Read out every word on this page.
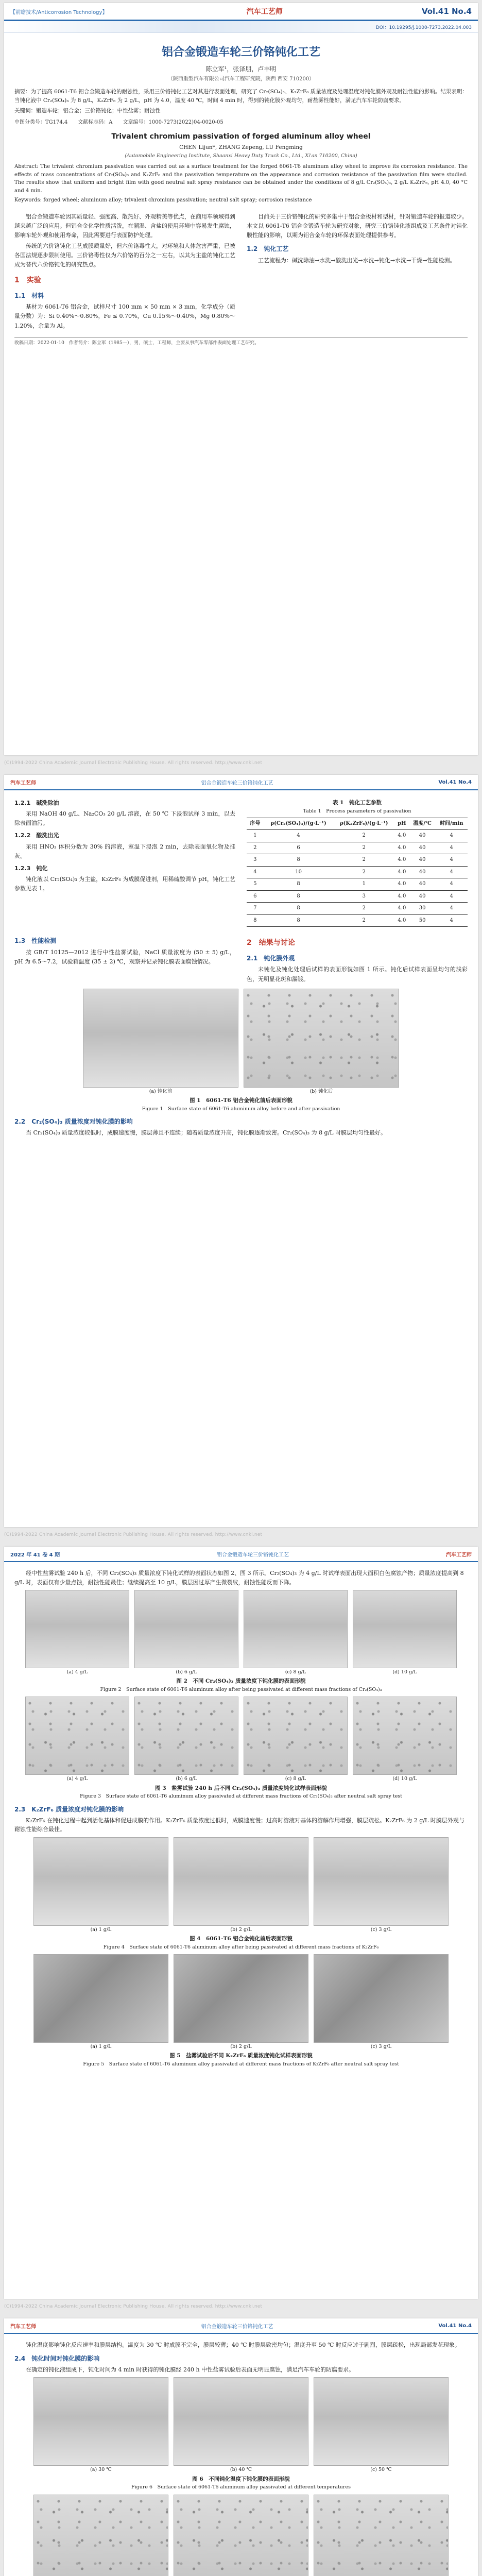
【前瞻技术/Anticorrosion Technology】	汽车工艺师	Vol.41 No.4
DOI：10.19295/j.1000-7273.2022.04.003
铝合金锻造车轮三价铬钝化工艺
陈立军¹，张泽朋，卢丰明
（陕西重型汽车有限公司汽车工程研究院，陕西 西安 710200）
摘要：为了提高 6061-T6 铝合金锻造车轮的耐蚀性，采用三价铬钝化工艺对其进行表面处理，研究了 Cr₂(SO₄)₃、K₂ZrF₆ 质量浓度及处理温度对钝化膜外观及耐蚀性能的影响。结果表明：当钝化液中 Cr₂(SO₄)₃ 为 8 g/L，K₂ZrF₆ 为 2 g/L，pH 为 4.0，温度 40 ℃，时间 4 min 时，得到的钝化膜外观均匀，耐盐雾性能好，满足汽车车轮防腐要求。
关键词：锻造车轮；铝合金；三价铬钝化；中性盐雾；耐蚀性
中图分类号：TG174.4　　文献标志码：A　　文章编号：1000-7273(2022)04-0020-05
Trivalent chromium passivation of forged aluminum alloy wheel
CHEN Lijun*, ZHANG Zepeng, LU Fengming
(Automobile Engineering Institute, Shaanxi Heavy Duty Truck Co., Ltd., Xi'an 710200, China)
Abstract: The trivalent chromium passivation was carried out as a surface treatment for the forged 6061-T6 aluminum alloy wheel to improve its corrosion resistance. The effects of mass concentrations of Cr₂(SO₄)₃ and K₂ZrF₆ and the passivation temperature on the appearance and corrosion resistance of the passivation film were studied. The results show that uniform and bright film with good neutral salt spray resistance can be obtained under the conditions of 8 g/L Cr₂(SO₄)₃, 2 g/L K₂ZrF₆, pH 4.0, 40 °C and 4 min.
Keywords: forged wheel; aluminum alloy; trivalent chromium passivation; neutral salt spray; corrosion resistance

铝合金锻造车轮因其质量轻、强度高、散热好、外观精美等优点，在商用车领域得到越来越广泛的应用。但铝合金化学性质活泼，在潮湿、含盐的使用环境中容易发生腐蚀，影响车轮外观和使用寿命，因此需要进行表面防护处理。

传统的六价铬钝化工艺成膜质量好，但六价铬毒性大，对环境和人体危害严重，已被各国法规逐步限制使用。三价铬毒性仅为六价铬的百分之一左右，以其为主盐的钝化工艺成为替代六价铬钝化的研究热点。

1　实验
1.1　材料

基材为 6061-T6 铝合金，试样尺寸 100 mm × 50 mm × 3 mm，化学成分（质量分数）为：Si 0.40%～0.80%，Fe ≤ 0.70%，Cu 0.15%～0.40%，Mg 0.80%～1.20%，余量为 Al。

目前关于三价铬钝化的研究多集中于铝合金板材和型材，针对锻造车轮的报道较少。本文以 6061-T6 铝合金锻造车轮为研究对象，研究三价铬钝化液组成及工艺条件对钝化膜性能的影响，以期为铝合金车轮的环保表面处理提供参考。

1.2　钝化工艺

工艺流程为：碱洗除油→水洗→酸洗出光→水洗→钝化→水洗→干燥→性能检测。

收稿日期：2022-01-10　作者简介：陈立军（1985—），男，硕士，工程师，主要从事汽车零部件表面处理工艺研究。
(C)1994-2022 China Academic Journal Electronic Publishing House. All rights reserved. http://www.cnki.net
汽车工艺师	铝合金锻造车轮三价铬钝化工艺	Vol.41 No.4
1.2.1　碱洗除油

采用 NaOH 40 g/L、Na₂CO₃ 20 g/L 溶液，在 50 ℃ 下浸泡试样 3 min，以去除表面油污。

1.2.2　酸洗出光

采用 HNO₃ 体积分数为 30% 的溶液，室温下浸泡 2 min，去除表面氧化物及挂灰。

1.2.3　钝化

钝化液以 Cr₂(SO₄)₃ 为主盐，K₂ZrF₆ 为成膜促进剂，用稀硫酸调节 pH，钝化工艺参数见表 1。

表 1　钝化工艺参数
Table 1　Process parameters of passivation
序号	ρ(Cr₂(SO₄)₃)/(g·L⁻¹)	ρ(K₂ZrF₆)/(g·L⁻¹)	pH	温度/℃	时间/min
1	4	2	4.0	40	4
2	6	2	4.0	40	4
3	8	2	4.0	40	4
4	10	2	4.0	40	4
5	8	1	4.0	40	4
6	8	3	4.0	40	4
7	8	2	4.0	30	4
8	8	2	4.0	50	4
1.3　性能检测

按 GB/T 10125—2012 进行中性盐雾试验，NaCl 质量浓度为 (50 ± 5) g/L，pH 为 6.5～7.2，试验箱温度 (35 ± 2) ℃，观察并记录钝化膜表面腐蚀情况。

2　结果与讨论
2.1　钝化膜外观

未钝化及钝化处理后试样的表面形貌如图 1 所示。钝化后试样表面呈均匀的浅彩色，无明显花斑和漏镀。

(a) 钝化前	(b) 钝化后
图 1　6061-T6 铝合金钝化前后表面形貌
Figure 1　Surface state of 6061-T6 aluminum alloy before and after passivation
2.2　Cr₂(SO₄)₃ 质量浓度对钝化膜的影响

当 Cr₂(SO₄)₃ 质量浓度较低时，成膜速度慢，膜层薄且不连续；随着质量浓度升高，钝化膜逐渐致密。Cr₂(SO₄)₃ 为 8 g/L 时膜层均匀性最好。

(C)1994-2022 China Academic Journal Electronic Publishing House. All rights reserved. http://www.cnki.net
2022 年 41 卷 4 期	铝合金锻造车轮三价铬钝化工艺	汽车工艺师

经中性盐雾试验 240 h 后，不同 Cr₂(SO₄)₃ 质量浓度下钝化试样的表面状态如图 2、图 3 所示。Cr₂(SO₄)₃ 为 4 g/L 时试样表面出现大面积白色腐蚀产物；质量浓度提高到 8 g/L 时，表面仅有少量点蚀，耐蚀性能最佳；继续提高至 10 g/L，膜层因过厚产生微裂纹，耐蚀性能反而下降。

(a) 4 g/L	(b) 6 g/L	(c) 8 g/L	(d) 10 g/L
图 2　不同 Cr₂(SO₄)₃ 质量浓度下钝化膜的表面形貌
Figure 2　Surface state of 6061-T6 aluminum alloy after being passivated at different mass fractions of Cr₂(SO₄)₃
(a) 4 g/L	(b) 6 g/L	(c) 8 g/L	(d) 10 g/L
图 3　盐雾试验 240 h 后不同 Cr₂(SO₄)₃ 质量浓度钝化试样表面形貌
Figure 3　Surface state of 6061-T6 aluminum alloy passivated at different mass fractions of Cr₂(SO₄)₃ after neutral salt spray test
2.3　K₂ZrF₆ 质量浓度对钝化膜的影响

K₂ZrF₆ 在钝化过程中起到活化基体和促进成膜的作用。K₂ZrF₆ 质量浓度过低时，成膜速度慢；过高时溶液对基体的溶解作用增强，膜层疏松。K₂ZrF₆ 为 2 g/L 时膜层外观与耐蚀性能综合最佳。

(a) 1 g/L	(b) 2 g/L	(c) 3 g/L
图 4　6061-T6 铝合金钝化前后表面形貌
Figure 4　Surface state of 6061-T6 aluminum alloy after being passivated at different mass fractions of K₂ZrF₆
(a) 1 g/L	(b) 2 g/L	(c) 3 g/L
图 5　盐雾试验后不同 K₂ZrF₆ 质量浓度钝化试样表面形貌
Figure 5　Surface state of 6061-T6 aluminum alloy passivated at different mass fractions of K₂ZrF₆ after neutral salt spray test
(C)1994-2022 China Academic Journal Electronic Publishing House. All rights reserved. http://www.cnki.net
汽车工艺师	铝合金锻造车轮三价铬钝化工艺	Vol.41 No.4

钝化温度影响钝化反应速率和膜层结构。温度为 30 ℃ 时成膜不完全，膜层较薄；40 ℃ 时膜层致密均匀；温度升至 50 ℃ 时反应过于剧烈，膜层疏松，出现局部发花现象。

2.4　钝化时间对钝化膜的影响

在确定的钝化液组成下，钝化时间为 4 min 时获得的钝化膜经 240 h 中性盐雾试验后表面无明显腐蚀，满足汽车车轮的防腐要求。

(a) 30 ℃	(b) 40 ℃	(c) 50 ℃
图 6　不同钝化温度下钝化膜的表面形貌
Figure 6　Surface state of 6061-T6 aluminum alloy passivated at different temperatures
